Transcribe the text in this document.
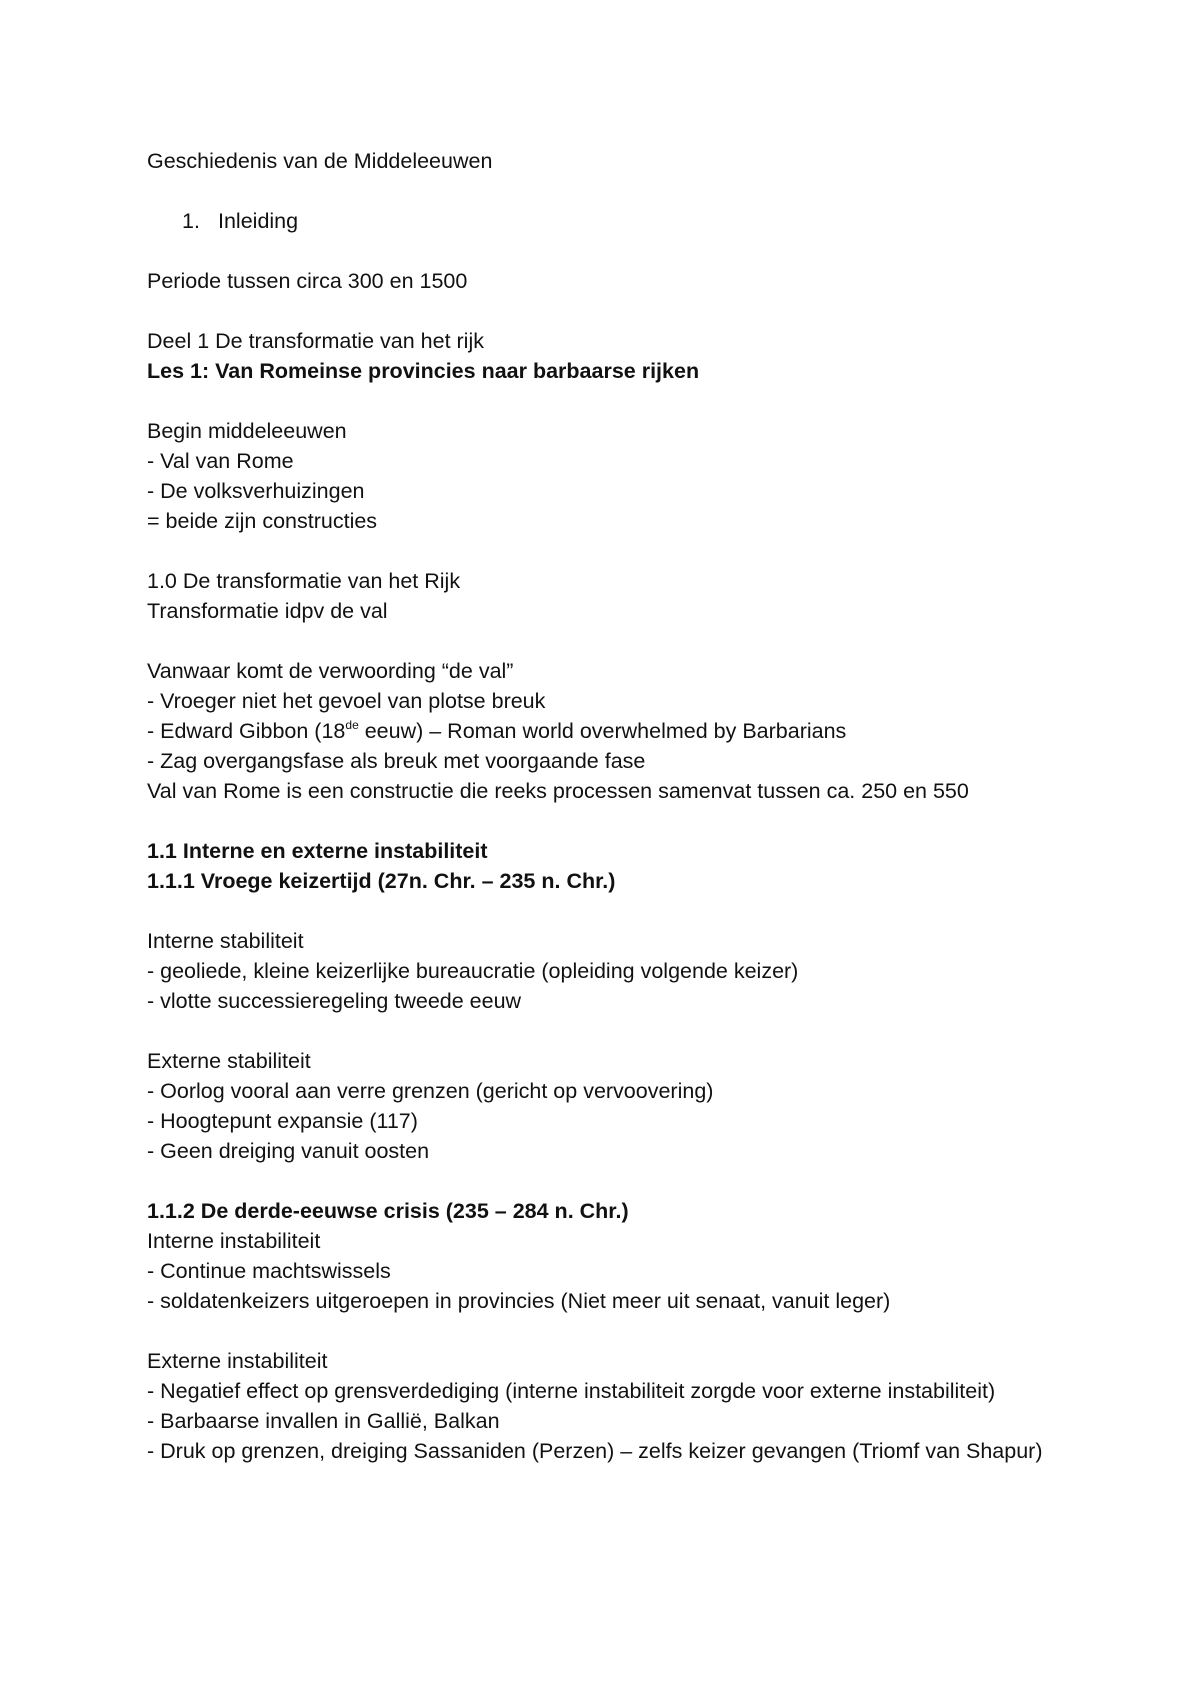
Geschiedenis van de Middeleeuwen
1. Inleiding
Periode tussen circa 300 en 1500
Deel 1 De transformatie van het rijk
Les 1: Van Romeinse provincies naar barbaarse rijken
Begin middeleeuwen
- Val van Rome
- De volksverhuizingen
= beide zijn constructies
1.0 De transformatie van het Rijk
Transformatie idpv de val
Vanwaar komt de verwoording “de val”
- Vroeger niet het gevoel van plotse breuk
- Edward Gibbon (18de eeuw) – Roman world overwhelmed by Barbarians
- Zag overgangsfase als breuk met voorgaande fase
Val van Rome is een constructie die reeks processen samenvat tussen ca. 250 en 550
1.1 Interne en externe instabiliteit
1.1.1 Vroege keizertijd (27n. Chr. – 235 n. Chr.)
Interne stabiliteit
- geoliede, kleine keizerlijke bureaucratie (opleiding volgende keizer)
- vlotte successieregeling tweede eeuw
Externe stabiliteit
- Oorlog vooral aan verre grenzen (gericht op vervoovering)
- Hoogtepunt expansie (117)
- Geen dreiging vanuit oosten
1.1.2 De derde-eeuwse crisis (235 – 284 n. Chr.)
Interne instabiliteit
- Continue machtswissels
- soldatenkeizers uitgeroepen in provincies (Niet meer uit senaat, vanuit leger)
Externe instabiliteit
- Negatief effect op grensverdediging (interne instabiliteit zorgde voor externe instabiliteit)
- Barbaarse invallen in Gallië, Balkan
- Druk op grenzen, dreiging Sassaniden (Perzen) – zelfs keizer gevangen (Triomf van Shapur)
